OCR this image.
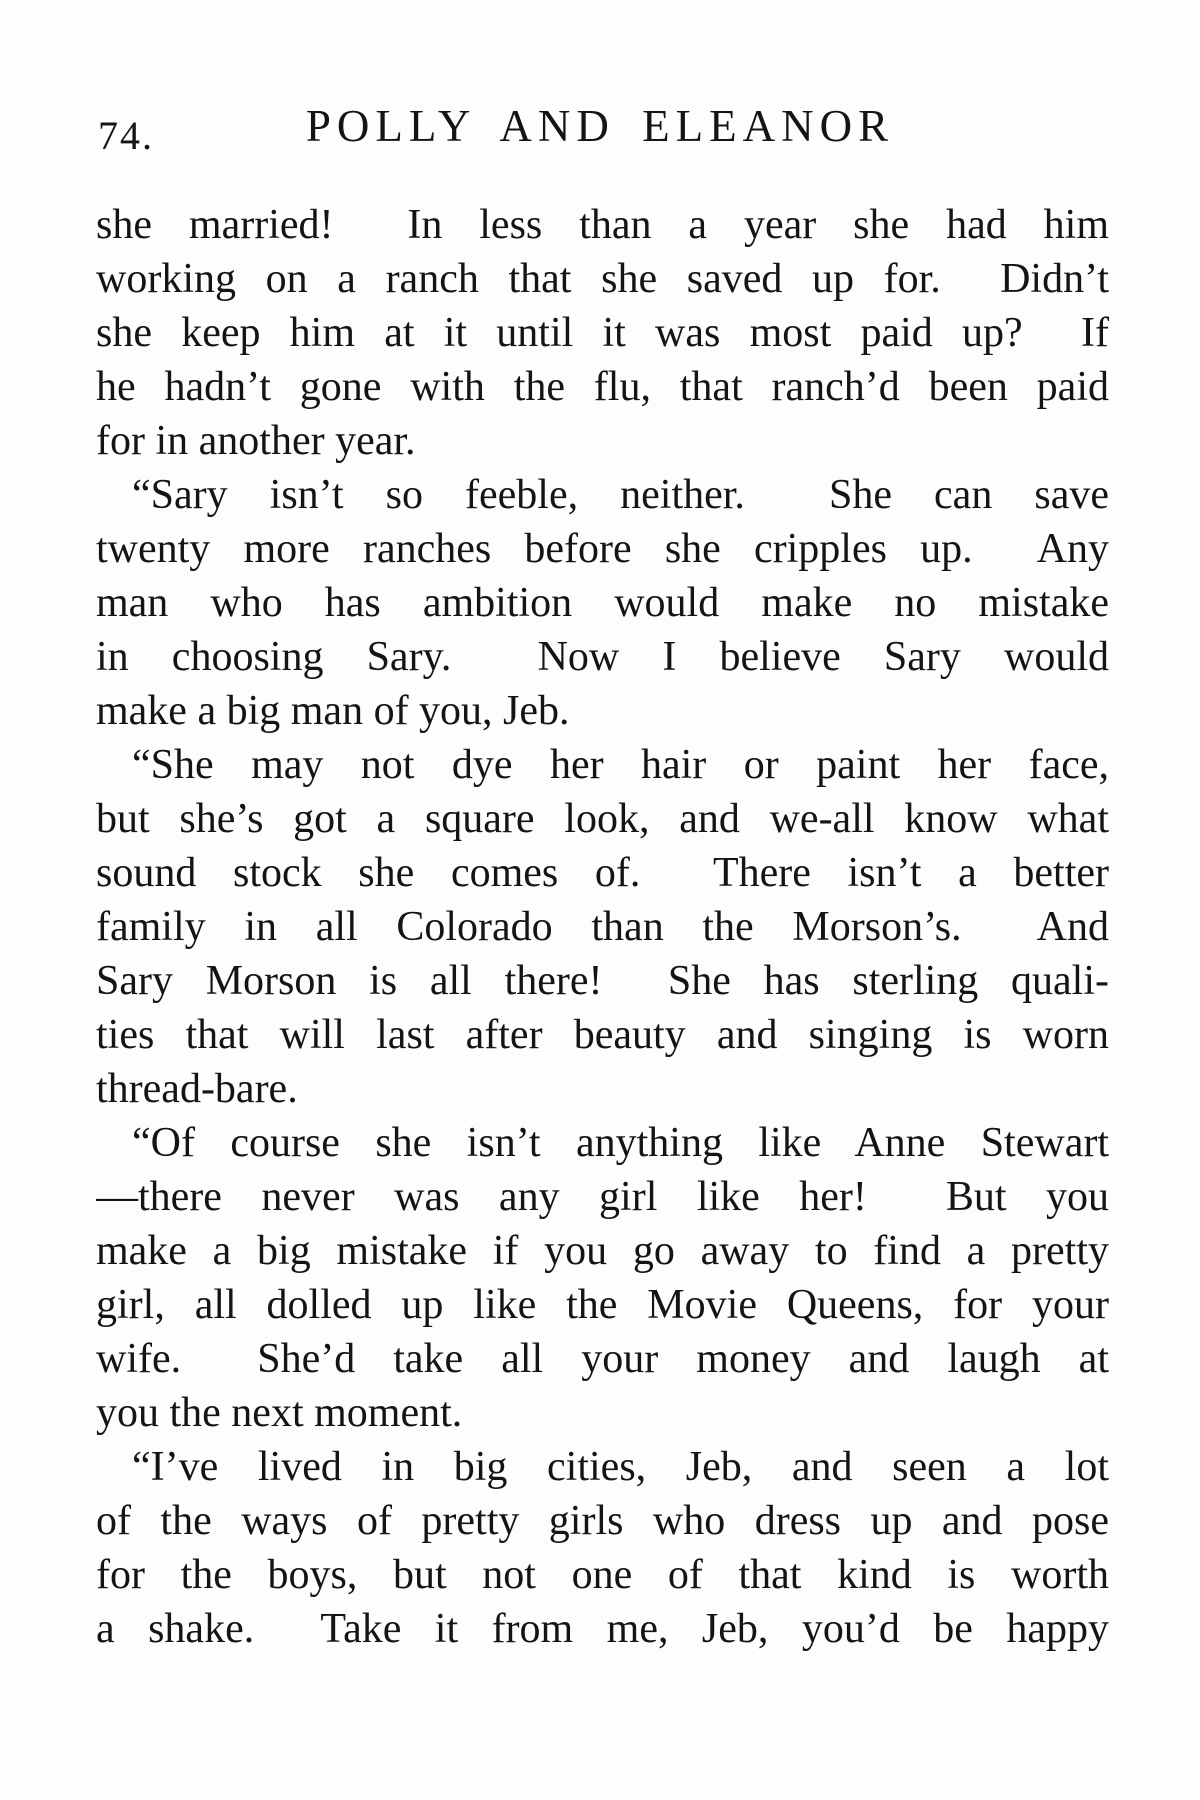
74.	POLLY AND ELEANOR
she married!  In less than a year she had him
working on a ranch that she saved up for.  Didn’t
she keep him at it until it was most paid up?  If
he hadn’t gone with the flu, that ranch’d been paid
for in another year.
“Sary isn’t so feeble, neither.  She can save
twenty more ranches before she cripples up.  Any
man who has ambition would make no mistake
in choosing Sary.  Now I believe Sary would
make a big man of you, Jeb.
“She may not dye her hair or paint her face,
but she’s got a square look, and we-all know what
sound stock she comes of.  There isn’t a better
family in all Colorado than the Morson’s.  And
Sary Morson is all there!  She has sterling quali-
ties that will last after beauty and singing is worn
thread-bare.
“Of course she isn’t anything like Anne Stewart
—there never was any girl like her!  But you
make a big mistake if you go away to find a pretty
girl, all dolled up like the Movie Queens, for your
wife.  She’d take all your money and laugh at
you the next moment.
“I’ve lived in big cities, Jeb, and seen a lot
of the ways of pretty girls who dress up and pose
for the boys, but not one of that kind is worth
a shake.  Take it from me, Jeb, you’d be happy
